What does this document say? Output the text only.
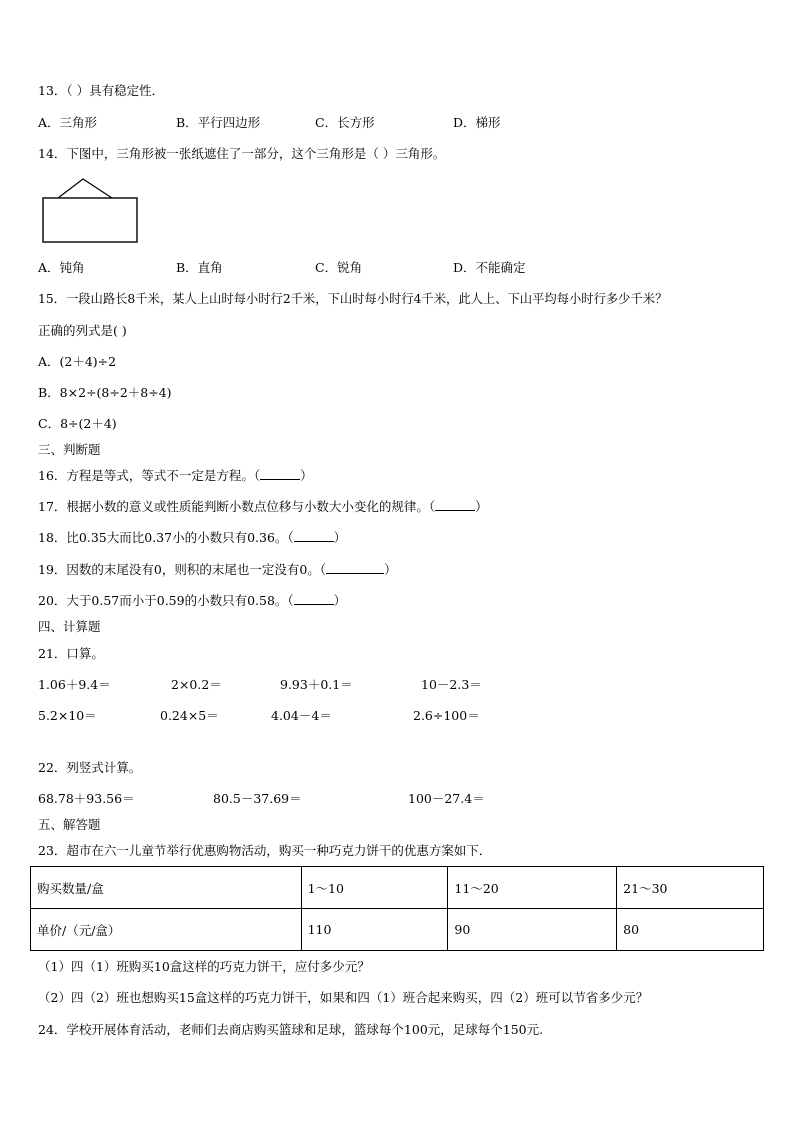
13．（ ）具有稳定性．
A．三角形	B．平行四边形	C．长方形	D．梯形
14．下图中，三角形被一张纸遮住了一部分，这个三角形是（ ）三角形。
A．钝角	B．直角	C．锐角	D．不能确定
15．一段山路长8千米，某人上山时每小时行2千米，下山时每小时行4千米，此人上、下山平均每小时行多少千米？
正确的列式是( )
A．(2＋4)÷2
B．8×2÷(8÷2＋8÷4)
C．8÷(2＋4)
三、判断题
16．方程是等式，等式不一定是方程。（	）
17．根据小数的意义或性质能判断小数点位移与小数大小变化的规律。（	）
18．比0.35大而比0.37小的小数只有0.36。（	）
19．因数的末尾没有0，则积的末尾也一定没有0。（	）
20．大于0.57而小于0.59的小数只有0.58。（	）
四、计算题
21．口算。
1.06＋9.4＝	2×0.2＝	9.93＋0.1＝	10－2.3＝
5.2×10＝	0.24×5＝	4.04－4＝	2.6÷100＝
22．列竖式计算。
68.78＋93.56＝	80.5－37.69＝	100－27.4＝
五、解答题
23．超市在六一儿童节举行优惠购物活动，购买一种巧克力饼干的优惠方案如下．
购买数量/盒	1～10	11～20	21～30
单价/（元/盒）	110	90	80
（1）四（1）班购买10盒这样的巧克力饼干，应付多少元？
（2）四（2）班也想购买15盒这样的巧克力饼干，如果和四（1）班合起来购买，四（2）班可以节省多少元？
24．学校开展体育活动，老师们去商店购买篮球和足球，篮球每个100元，足球每个150元.
